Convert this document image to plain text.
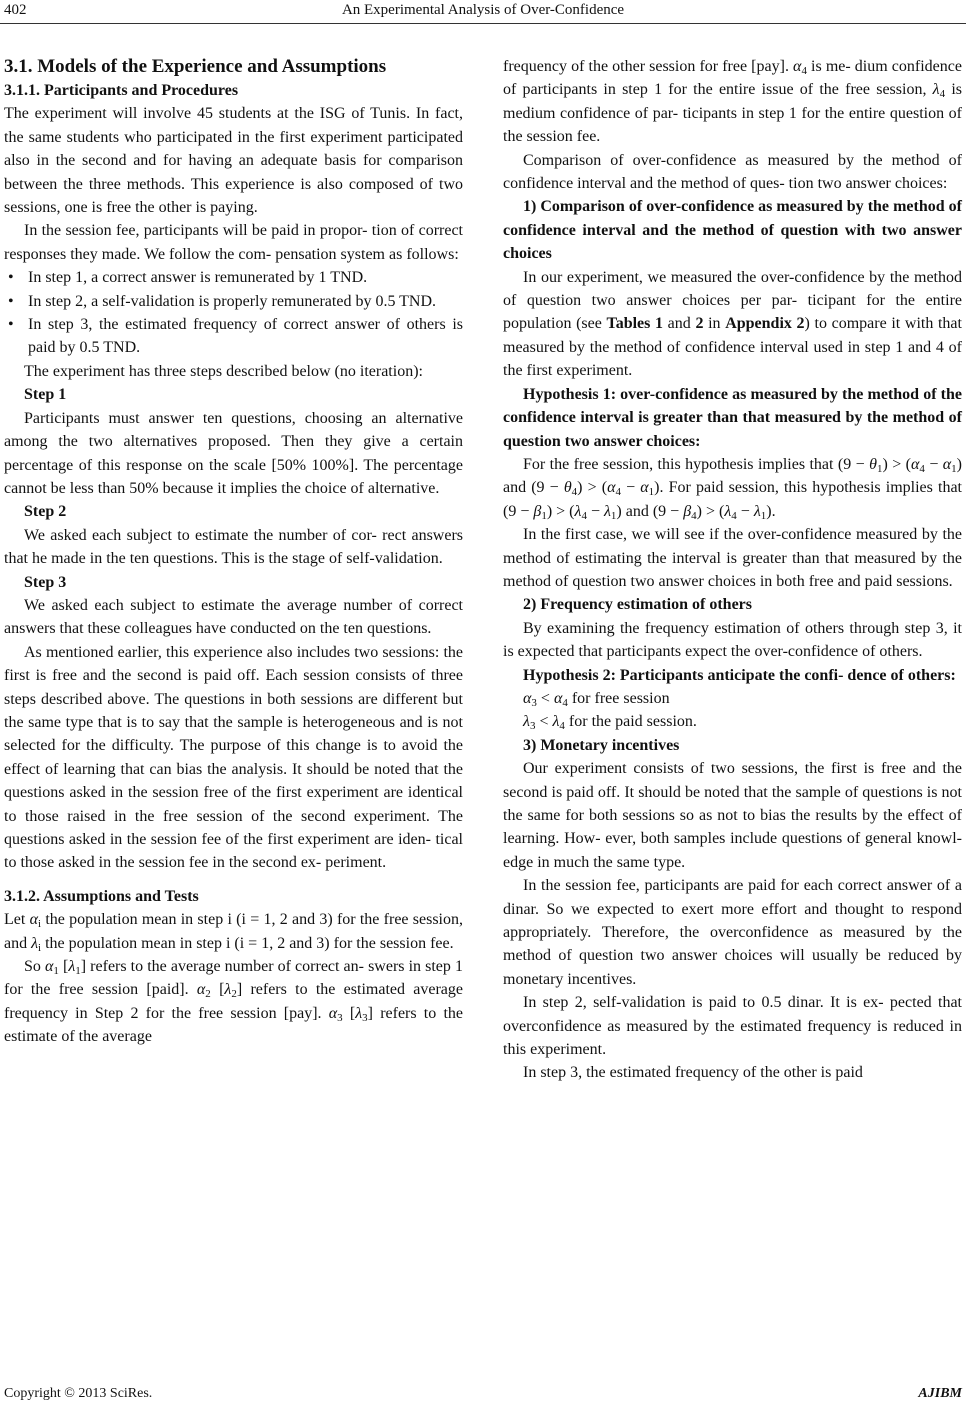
402	An Experimental Analysis of Over-Confidence

3.1. Models of the Experience and Assumptions

3.1.1. Participants and Procedures

The experiment will involve 45 students at the ISG of Tunis. In fact, the same students who participated in the first experiment participated also in the second and for having an adequate basis for comparison between the three methods. This experience is also composed of two sessions, one is free the other is paying.

In the session fee, participants will be paid in propor- tion of correct responses they made. We follow the com- pensation system as follows:

• In step 1, a correct answer is remunerated by 1 TND.
• In step 2, a self-validation is properly remunerated by 0.5 TND.
• In step 3, the estimated frequency of correct answer of others is paid by 0.5 TND.

The experiment has three steps described below (no iteration):

Step 1

Participants must answer ten questions, choosing an alternative among the two alternatives proposed. Then they give a certain percentage of this response on the scale [50% 100%]. The percentage cannot be less than 50% because it implies the choice of alternative.

Step 2

We asked each subject to estimate the number of cor- rect answers that he made in the ten questions. This is the stage of self-validation.

Step 3

We asked each subject to estimate the average number of correct answers that these colleagues have conducted on the ten questions.

As mentioned earlier, this experience also includes two sessions: the first is free and the second is paid off. Each session consists of three steps described above. The questions in both sessions are different but the same type that is to say that the sample is heterogeneous and is not selected for the difficulty. The purpose of this change is to avoid the effect of learning that can bias the analysis. It should be noted that the questions asked in the session free of the first experiment are identical to those raised in the free session of the second experiment. The questions asked in the session fee of the first experiment are iden- tical to those asked in the session fee in the second ex- periment.

3.1.2. Assumptions and Tests

Let $\alpha_i$ the population mean in step i (i = 1, 2 and 3) for the free session, and $\lambda_i$ the population mean in step i (i = 1, 2 and 3) for the session fee.

So $\alpha_1$ $[\lambda_1]$ refers to the average number of correct an- swers in step 1 for the free session [paid]. $\alpha_2$ $[\lambda_2]$ refers to the estimated average frequency in Step 2 for the free session [pay]. $\alpha_3$ $[\lambda_3]$ refers to the estimate of the average

frequency of the other session for free [pay]. $\alpha_4$ is me- dium confidence of participants in step 1 for the entire issue of the free session, $\lambda_4$ is medium confidence of par- ticipants in step 1 for the entire question of the session fee.

Comparison of over-confidence as measured by the method of confidence interval and the method of ques- tion two answer choices:

1) Comparison of over-confidence as measured by the method of confidence interval and the method of question with two answer choices

In our experiment, we measured the over-confidence by the method of question two answer choices per par- ticipant for the entire population (see Tables 1 and 2 in Appendix 2) to compare it with that measured by the method of confidence interval used in step 1 and 4 of the first experiment.

Hypothesis 1: over-confidence as measured by the method of the confidence interval is greater than that measured by the method of question two answer choices:

For the free session, this hypothesis implies that $(9 - \theta_1) > (\alpha_4 - \alpha_1)$ and $(9 - \theta_4) > (\alpha_4 - \alpha_1)$. For paid session, this hypothesis implies that $(9 - \beta_1) > (\lambda_4 - \lambda_1)$ and $(9 - \beta_4) > (\lambda_4 - \lambda_1)$.

In the first case, we will see if the over-confidence measured by the method of estimating the interval is greater than that measured by the method of question two answer choices in both free and paid sessions.

2) Frequency estimation of others

By examining the frequency estimation of others through step 3, it is expected that participants expect the over-confidence of others.

Hypothesis 2: Participants anticipate the confi- dence of others:

$\alpha_3 < \alpha_4$ for free session

$\lambda_3 < \lambda_4$ for the paid session.

3) Monetary incentives

Our experiment consists of two sessions, the first is free and the second is paid off. It should be noted that the sample of questions is not the same for both sessions so as not to bias the results by the effect of learning. How- ever, both samples include questions of general knowl- edge in much the same type.

In the session fee, participants are paid for each correct answer of a dinar. So we expected to exert more effort and thought to respond appropriately. Therefore, the overconfidence as measured by the method of question two answer choices will usually be reduced by monetary incentives.

In step 2, self-validation is paid to 0.5 dinar. It is ex- pected that overconfidence as measured by the estimated frequency is reduced in this experiment.

In step 3, the estimated frequency of the other is paid

Copyright © 2013 SciRes.	AJIBM
